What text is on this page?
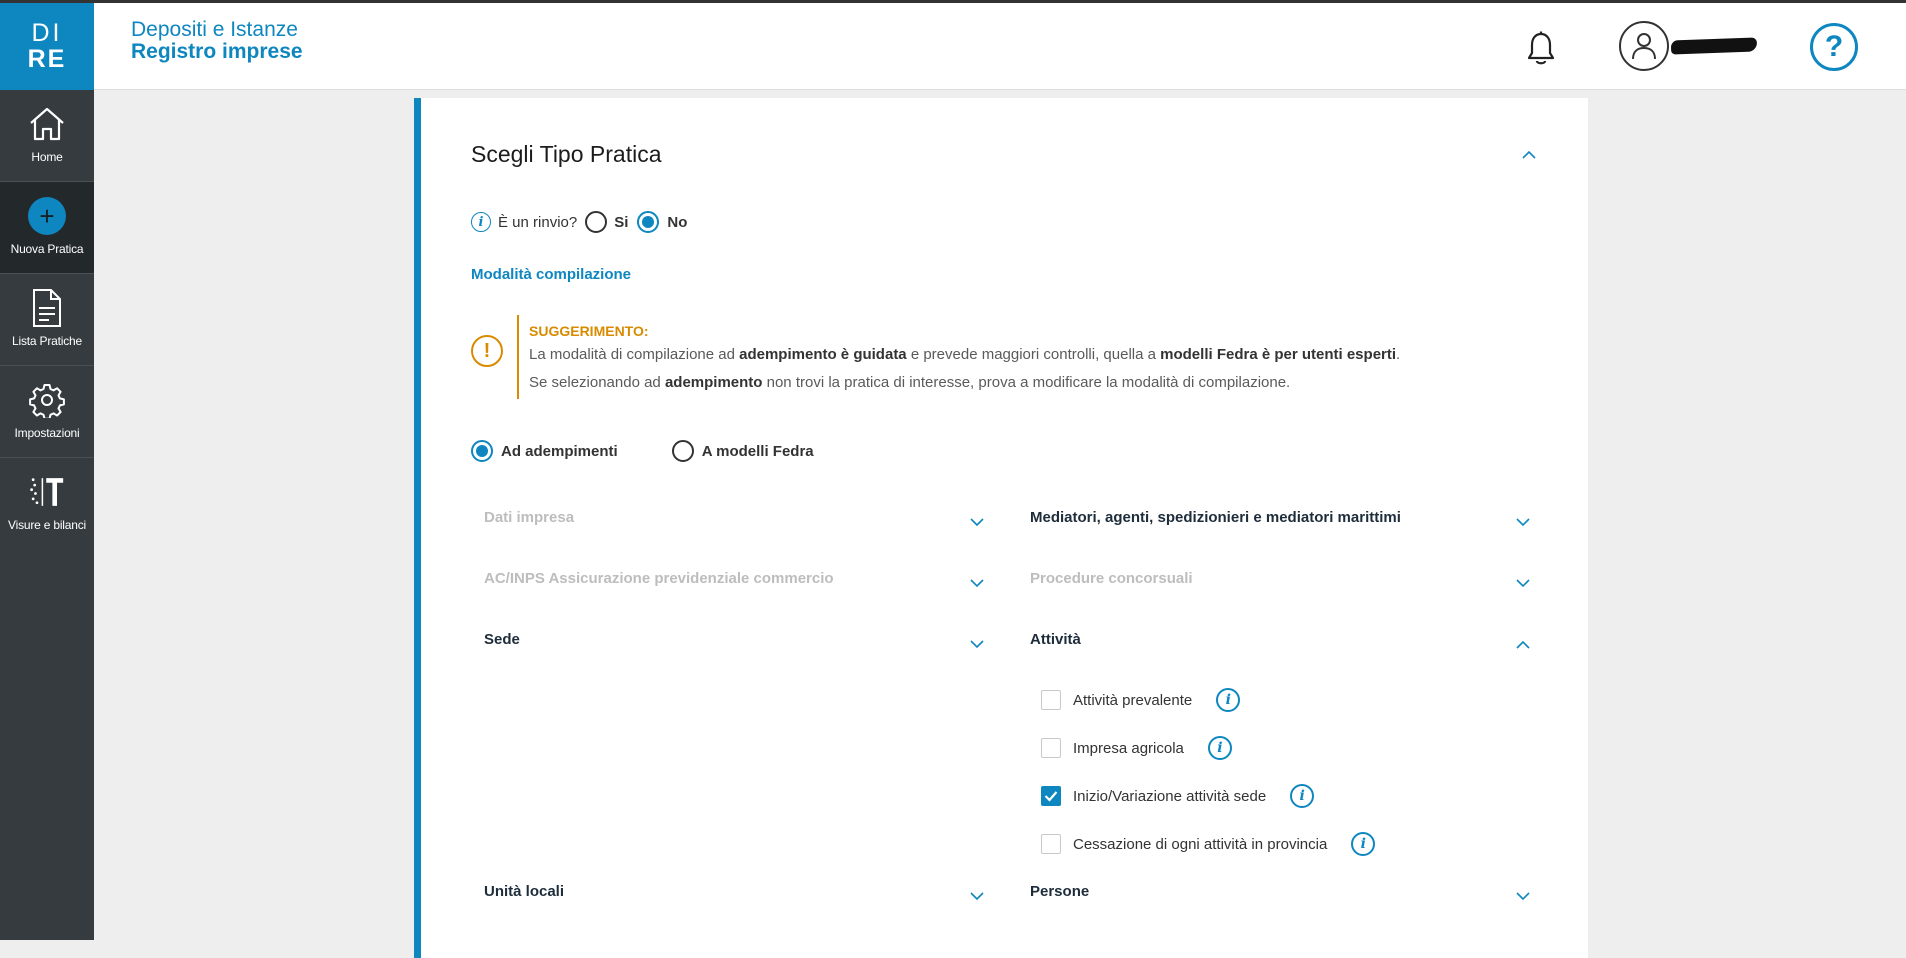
DI
RE
Home
+
Nuova Pratica
Lista Pratiche
Impostazioni
Visure e bilanci
Depositi e Istanze
Registro imprese	?
Scegli Tipo Pratica
i È un rinvio? Si	No
Modalità compilazione
!
SUGGERIMENTO:
La modalità di compilazione ad adempimento è guidata e prevede maggiori controlli, quella a modelli Fedra è per utenti esperti.
Se selezionando ad adempimento non trovi la pratica di interesse, prova a modificare la modalità di compilazione.
Ad adempimenti	A modelli Fedra
Dati impresa
AC/INPS Assicurazione previdenziale commercio
Sede
Unità locali
Mediatori, agenti, spedizionieri e mediatori marittimi
Procedure concorsuali
Attività
Attività prevalente	i
Impresa agricola	i
Inizio/Variazione attività sede	i
Cessazione di ogni attività in provincia	i
Persone
